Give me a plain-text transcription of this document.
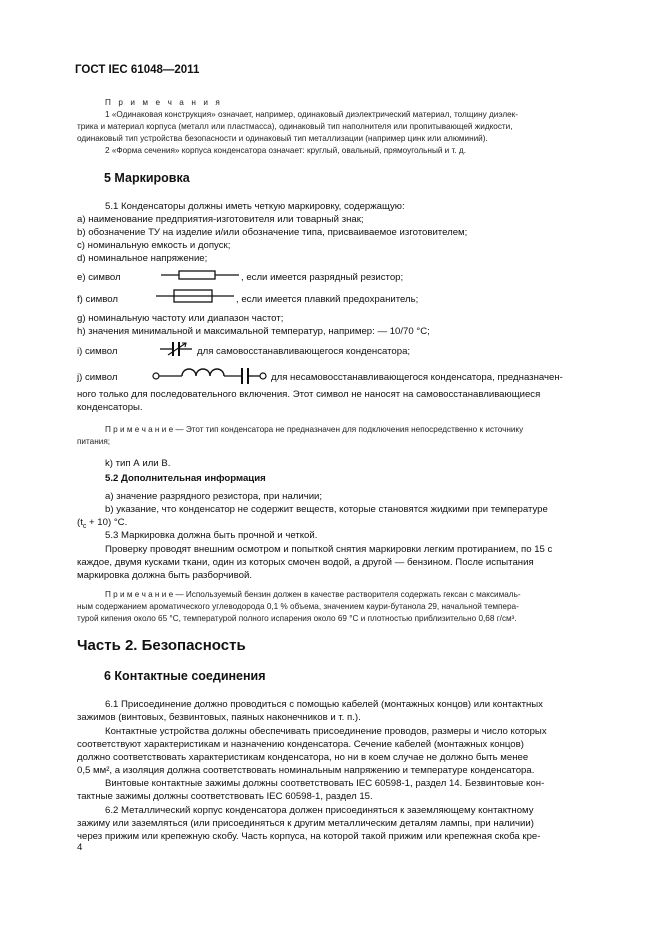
ГОСТ IEC 61048—2011
П р и м е ч а н и я
1 «Одинаковая конструкция» означает, например, одинаковый диэлектрический материал, толщину диэлек-
трика и материал корпуса (металл или пластмасса), одинаковый тип наполнителя или пропитывающей жидкости,
одинаковый тип устройства безопасности и одинаковый тип металлизации (например цинк или алюминий).
2 «Форма сечения» корпуса конденсатора означает: круглый, овальный, прямоугольный и т. д.
5 Маркировка
5.1 Конденсаторы должны иметь четкую маркировку, содержащую:
а) наименование предприятия-изготовителя или товарный знак;
b) обозначение ТУ на изделие и/или обозначение типа, присваиваемое изготовителем;
c) номинальную емкость и допуск;
d) номинальное напряжение;
e) символ	, если имеется разрядный резистор;
f) символ	, если имеется плавкий предохранитель;
g) номинальную частоту или диапазон частот;
h) значения минимальной и максимальной температур, например: — 10/70 °С;
i) символ	для самовосстанавливающегося конденсатора;
j) символ	для несамовосстанавливающегося конденсатора, предназначен-
ного только для последовательного включения. Этот символ не наносят на самовосстанавливающиеся
конденсаторы.
П р и м е ч а н и е — Этот тип конденсатора не предназначен для подключения непосредственно к источнику
питания;
k) тип А или В.
5.2 Дополнительная информация
а) значение разрядного резистора, при наличии;
b) указание, что конденсатор не содержит веществ, которые становятся жидкими при температуре
$(t_c + 10)$ °С.
5.3 Маркировка должна быть прочной и четкой.
Проверку проводят внешним осмотром и попыткой снятия маркировки легким протиранием, по 15 с
каждое, двумя кусками ткани, один из которых смочен водой, а другой — бензином. После испытания
маркировка должна быть разборчивой.
П р и м е ч а н и е — Используемый бензин должен в качестве растворителя содержать гексан с максималь-
ным содержанием ароматического углеводорода 0,1 % объема, значением каури-бутанола 29, начальной темпера-
турой кипения около 65 °С, температурой полного испарения около 69 °С и плотностью приблизительно 0,68 г/см³.
Часть 2. Безопасность
6 Контактные соединения
6.1 Присоединение должно проводиться с помощью кабелей (монтажных концов) или контактных
зажимов (винтовых, безвинтовых, паяных наконечников и т. п.).
Контактные устройства должны обеспечивать присоединение проводов, размеры и число которых
соответствуют характеристикам и назначению конденсатора. Сечение кабелей (монтажных концов)
должно соответствовать характеристикам конденсатора, но ни в коем случае не должно быть менее
0,5 мм², а изоляция должна соответствовать номинальным напряжению и температуре конденсатора.
Винтовые контактные зажимы должны соответствовать IEC 60598-1, раздел 14. Безвинтовые кон-
тактные зажимы должны соответствовать IEC 60598-1, раздел 15.
6.2 Металлический корпус конденсатора должен присоединяться к заземляющему контактному
зажиму или заземляться (или присоединяться к другим металлическим деталям лампы, при наличии)
через прижим или крепежную скобу. Часть корпуса, на которой такой прижим или крепежная скоба кре-
4
